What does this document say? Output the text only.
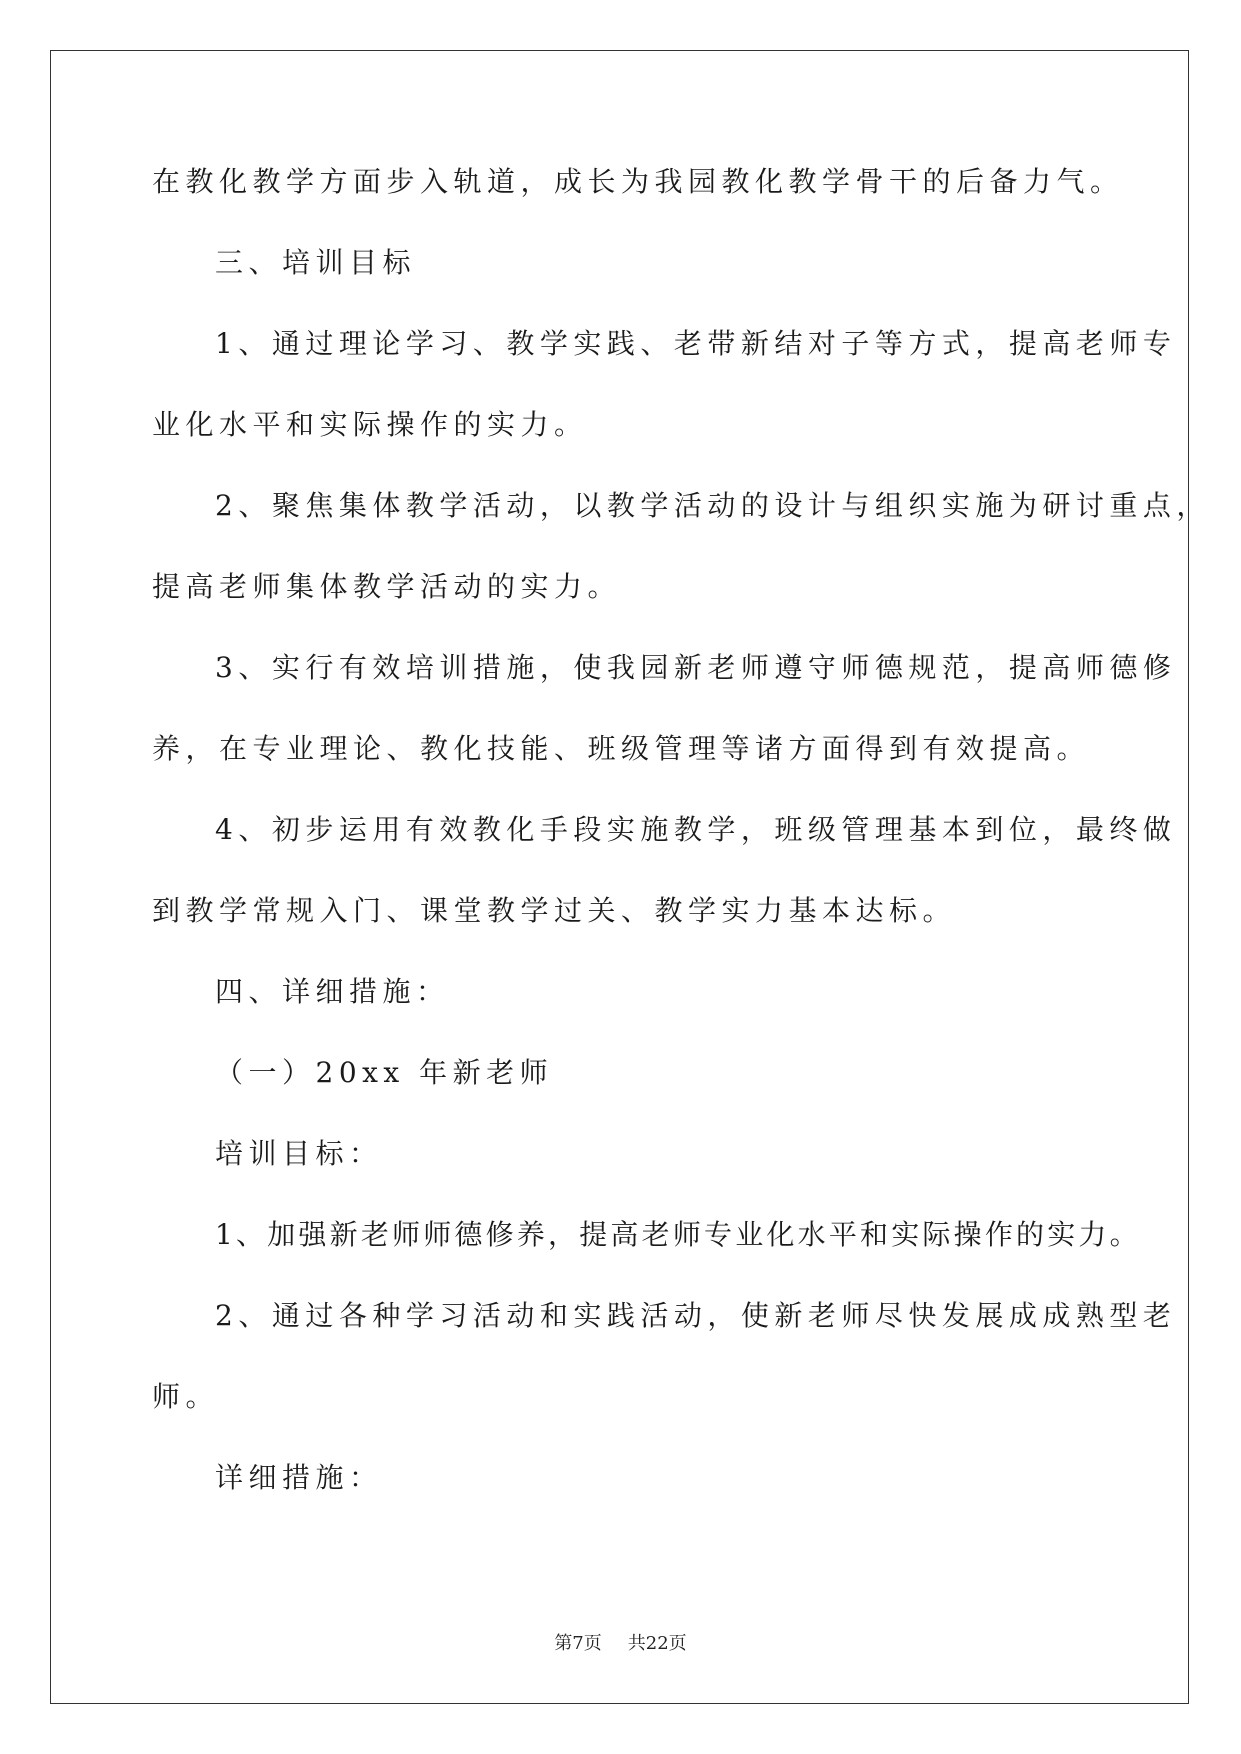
在教化教学方面步入轨道，成长为我园教化教学骨干的后备力气。
三、培训目标
1、通过理论学习、教学实践、老带新结对子等方式，提高老师专
业化水平和实际操作的实力。
2、聚焦集体教学活动，以教学活动的设计与组织实施为研讨重点，
提高老师集体教学活动的实力。
3、实行有效培训措施，使我园新老师遵守师德规范，提高师德修
养，在专业理论、教化技能、班级管理等诸方面得到有效提高。
4、初步运用有效教化手段实施教学，班级管理基本到位，最终做
到教学常规入门、课堂教学过关、教学实力基本达标。
四、详细措施：
（一）20xx 年新老师
培训目标：
1、加强新老师师德修养，提高老师专业化水平和实际操作的实力。
2、通过各种学习活动和实践活动，使新老师尽快发展成成熟型老
师。
详细措施：
第7页 共22页
